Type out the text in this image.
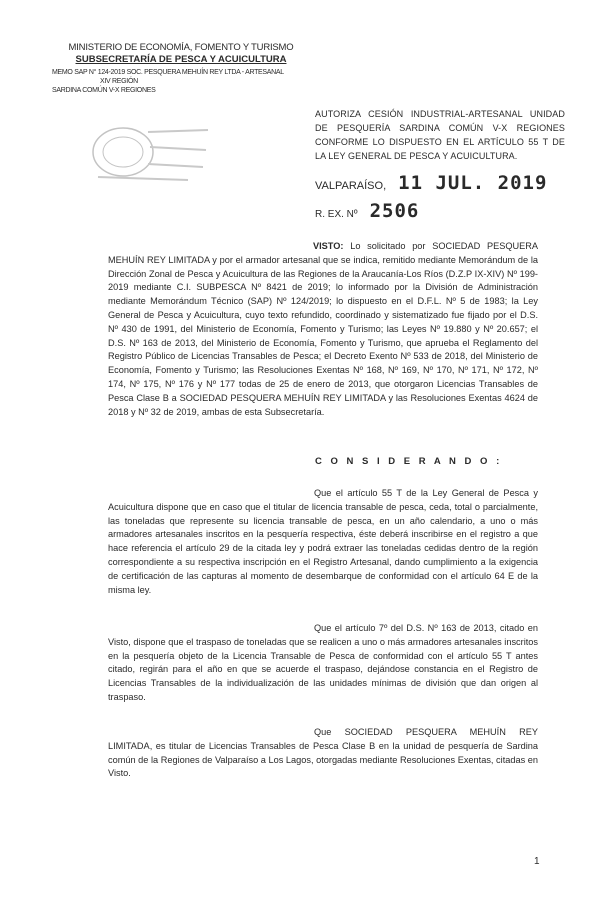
MINISTERIO DE ECONOMÍA, FOMENTO Y TURISMO
SUBSECRETARÍA DE PESCA Y ACUICULTURA
MEMO SAP N° 124-2019 SOC. PESQUERA MEHUÍN REY LTDA - ARTESANAL
XIV REGIÓN
SARDINA COMÚN V-X REGIONES
AUTORIZA CESIÓN INDUSTRIAL-ARTESANAL UNIDAD DE PESQUERÍA SARDINA COMÚN V-X REGIONES CONFORME LO DISPUESTO EN EL ARTÍCULO 55 T DE LA LEY GENERAL DE PESCA Y ACUICULTURA.
VALPARAÍSO, 11 JUL. 2019
R. EX. Nº 2506
VISTO: Lo solicitado por SOCIEDAD PESQUERA MEHUÍN REY LIMITADA y por el armador artesanal que se indica, remitido mediante Memorándum de la Dirección Zonal de Pesca y Acuicultura de las Regiones de la Araucanía-Los Ríos (D.Z.P IX-XIV) Nº 199-2019 mediante C.I. SUBPESCA Nº 8421 de 2019; lo informado por la División de Administración mediante Memorándum Técnico (SAP) Nº 124/2019; lo dispuesto en el D.F.L. Nº 5 de 1983; la Ley General de Pesca y Acuicultura, cuyo texto refundido, coordinado y sistematizado fue fijado por el D.S. Nº 430 de 1991, del Ministerio de Economía, Fomento y Turismo; las Leyes Nº 19.880 y Nº 20.657; el D.S. Nº 163 de 2013, del Ministerio de Economía, Fomento y Turismo, que aprueba el Reglamento del Registro Público de Licencias Transables de Pesca; el Decreto Exento Nº 533 de 2018, del Ministerio de Economía, Fomento y Turismo; las Resoluciones Exentas Nº 168, Nº 169, Nº 170, Nº 171, Nº 172, Nº 174, Nº 175, Nº 176 y Nº 177 todas de 25 de enero de 2013, que otorgaron Licencias Transables de Pesca Clase B a SOCIEDAD PESQUERA MEHUÍN REY LIMITADA y las Resoluciones Exentas 4624 de 2018 y Nº 32 de 2019, ambas de esta Subsecretaría.
C O N S I D E R A N D O :
Que el artículo 55 T de la Ley General de Pesca y Acuicultura dispone que en caso que el titular de licencia transable de pesca, ceda, total o parcialmente, las toneladas que represente su licencia transable de pesca, en un año calendario, a uno o más armadores artesanales inscritos en la pesquería respectiva, éste deberá inscribirse en el registro a que hace referencia el artículo 29 de la citada ley y podrá extraer las toneladas cedidas dentro de la región correspondiente a su respectiva inscripción en el Registro Artesanal, dando cumplimiento a la exigencia de certificación de las capturas al momento de desembarque de conformidad con el artículo 64 E de la misma ley.
Que el artículo 7º del D.S. Nº 163 de 2013, citado en Visto, dispone que el traspaso de toneladas que se realicen a uno o más armadores artesanales inscritos en la pesquería objeto de la Licencia Transable de Pesca de conformidad con el artículo 55 T antes citado, regirán para el año en que se acuerde el traspaso, dejándose constancia en el Registro de Licencias Transables de la individualización de las unidades mínimas de división que dan origen al traspaso.
Que SOCIEDAD PESQUERA MEHUÍN REY LIMITADA, es titular de Licencias Transables de Pesca Clase B en la unidad de pesquería de Sardina común de la Regiones de Valparaíso a Los Lagos, otorgadas mediante Resoluciones Exentas, citadas en Visto.
1
